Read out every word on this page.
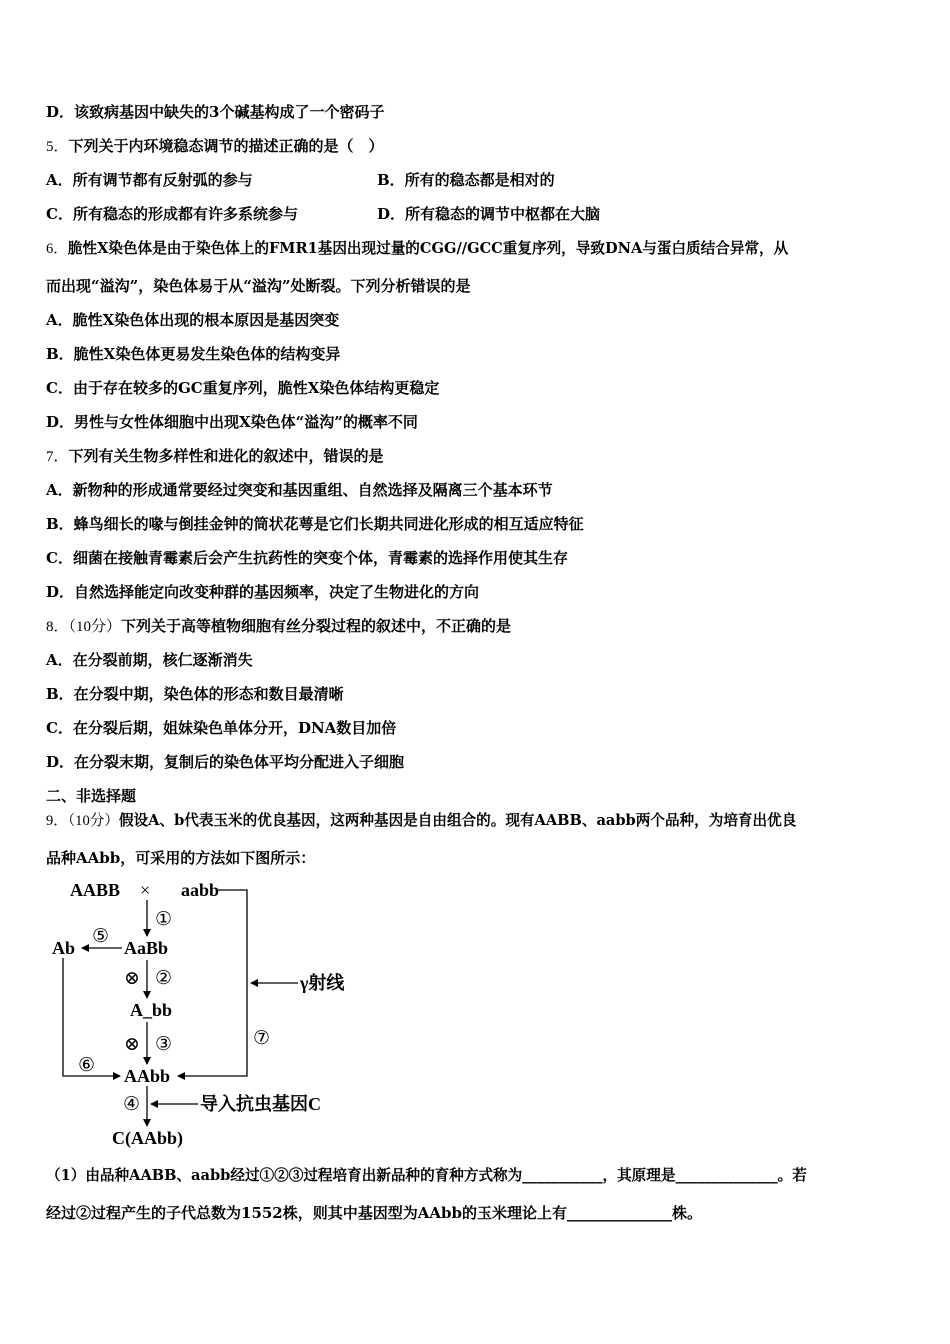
D．该致病基因中缺失的3个碱基构成了一个密码子
5．下列关于内环境稳态调节的描述正确的是（　）
A．所有调节都有反射弧的参与	B．所有的稳态都是相对的
C．所有稳态的形成都有许多系统参与	D．所有稳态的调节中枢都在大脑
6．脆性X染色体是由于染色体上的FMR1基因出现过量的CGG//GCC重复序列，导致DNA与蛋白质结合异常，从
而出现“溢沟”，染色体易于从“溢沟”处断裂。下列分析错误的是
A．脆性X染色体出现的根本原因是基因突变
B．脆性X染色体更易发生染色体的结构变异
C．由于存在较多的GC重复序列，脆性X染色体结构更稳定
D．男性与女性体细胞中出现X染色体“溢沟”的概率不同
7．下列有关生物多样性和进化的叙述中，错误的是
A．新物种的形成通常要经过突变和基因重组、自然选择及隔离三个基本环节
B．蜂鸟细长的喙与倒挂金钟的筒状花萼是它们长期共同进化形成的相互适应特征
C．细菌在接触青霉素后会产生抗药性的突变个体，青霉素的选择作用使其生存
D．自然选择能定向改变种群的基因频率，决定了生物进化的方向
8．（10分）下列关于高等植物细胞有丝分裂过程的叙述中，不正确的是
A．在分裂前期，核仁逐渐消失
B．在分裂中期，染色体的形态和数目最清晰
C．在分裂后期，姐妹染色单体分开，DNA数目加倍
D．在分裂末期，复制后的染色体平均分配进入子细胞
二、非选择题
9．（10分）假设A、b代表玉米的优良基因，这两种基因是自由组合的。现有AABB、aabb两个品种，为培育出优良
品种AAbb，可采用的方法如下图所示：
AABB × aabb
AaBb
Ab
A_bb
AAbb
C(AAbb)
γ射线
导入抗虫基因C
①
⑤
⊗ ②
⊗ ③
⑥
⑦
④
（1）由品种AABB、aabb经过①②③过程培育出新品种的育种方式称为___________，其原理是______________。若
经过②过程产生的子代总数为1552株，则其中基因型为AAbb的玉米理论上有______________株。
